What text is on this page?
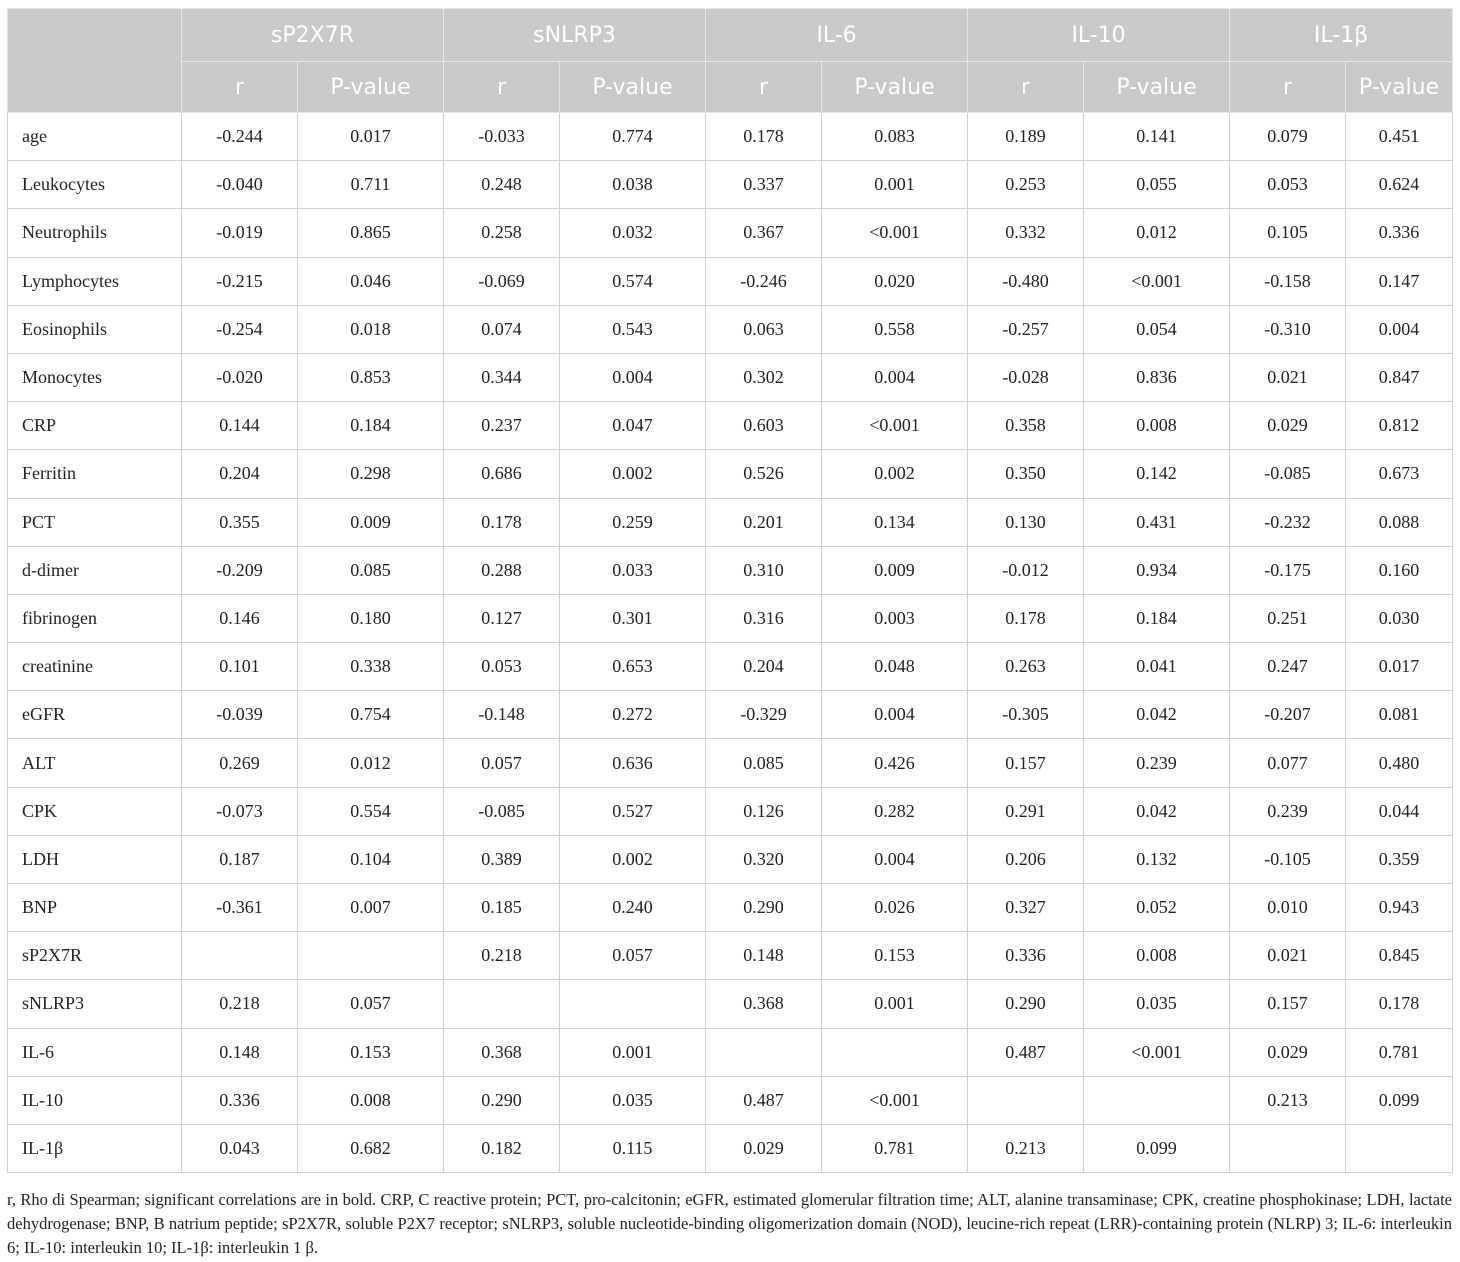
	sP2X7R		sNLRP3		IL-6		IL-10		IL-1β	
	r	P-value	r	P-value	r	P-value	r	P-value	r	P-value
age	-0.244	0.017	-0.033	0.774	0.178	0.083	0.189	0.141	0.079	0.451
Leukocytes	-0.040	0.711	0.248	0.038	0.337	0.001	0.253	0.055	0.053	0.624
Neutrophils	-0.019	0.865	0.258	0.032	0.367	<0.001	0.332	0.012	0.105	0.336
Lymphocytes	-0.215	0.046	-0.069	0.574	-0.246	0.020	-0.480	<0.001	-0.158	0.147
Eosinophils	-0.254	0.018	0.074	0.543	0.063	0.558	-0.257	0.054	-0.310	0.004
Monocytes	-0.020	0.853	0.344	0.004	0.302	0.004	-0.028	0.836	0.021	0.847
CRP	0.144	0.184	0.237	0.047	0.603	<0.001	0.358	0.008	0.029	0.812
Ferritin	0.204	0.298	0.686	0.002	0.526	0.002	0.350	0.142	-0.085	0.673
PCT	0.355	0.009	0.178	0.259	0.201	0.134	0.130	0.431	-0.232	0.088
d-dimer	-0.209	0.085	0.288	0.033	0.310	0.009	-0.012	0.934	-0.175	0.160
fibrinogen	0.146	0.180	0.127	0.301	0.316	0.003	0.178	0.184	0.251	0.030
creatinine	0.101	0.338	0.053	0.653	0.204	0.048	0.263	0.041	0.247	0.017
eGFR	-0.039	0.754	-0.148	0.272	-0.329	0.004	-0.305	0.042	-0.207	0.081
ALT	0.269	0.012	0.057	0.636	0.085	0.426	0.157	0.239	0.077	0.480
CPK	-0.073	0.554	-0.085	0.527	0.126	0.282	0.291	0.042	0.239	0.044
LDH	0.187	0.104	0.389	0.002	0.320	0.004	0.206	0.132	-0.105	0.359
BNP	-0.361	0.007	0.185	0.240	0.290	0.026	0.327	0.052	0.010	0.943
sP2X7R			0.218	0.057	0.148	0.153	0.336	0.008	0.021	0.845
sNLRP3	0.218	0.057			0.368	0.001	0.290	0.035	0.157	0.178
IL-6	0.148	0.153	0.368	0.001			0.487	<0.001	0.029	0.781
IL-10	0.336	0.008	0.290	0.035	0.487	<0.001			0.213	0.099
IL-1β	0.043	0.682	0.182	0.115	0.029	0.781	0.213	0.099		
r, Rho di Spearman; significant correlations are in bold. CRP, C reactive protein; PCT, pro-calcitonin; eGFR, estimated glomerular filtration time; ALT, alanine transaminase; CPK, creatine phosphokinase; LDH, lactate dehydrogenase; BNP, B natrium peptide; sP2X7R, soluble P2X7 receptor; sNLRP3, soluble nucleotide-binding oligomerization domain (NOD), leucine-rich repeat (LRR)-containing protein (NLRP) 3; IL-6: interleukin 6; IL-10: interleukin 10; IL-1β: interleukin 1 β.
